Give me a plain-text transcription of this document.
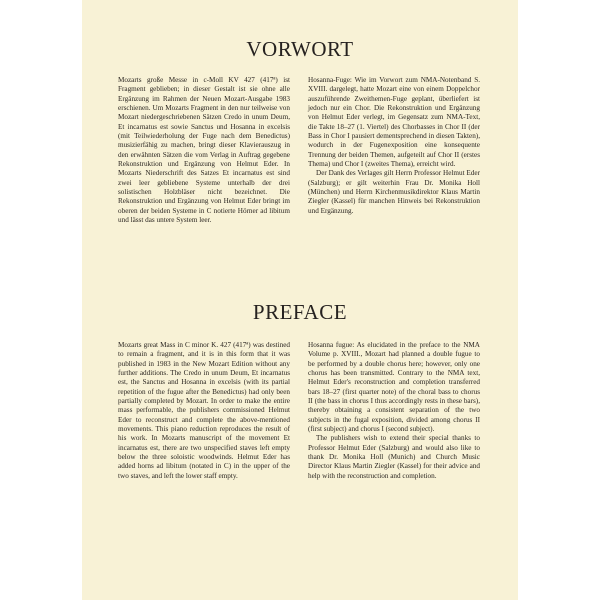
VORWORT

Mozarts große Messe in c-Moll KV 427 (417ª) ist Fragment geblieben; in dieser Gestalt ist sie ohne alle Ergänzung im Rahmen der Neuen Mozart-Ausgabe 1983 erschienen. Um Mozarts Fragment in den nur teilweise von Mozart niedergeschriebenen Sätzen Credo in unum Deum, Et incarnatus est sowie Sanctus und Hosanna in excelsis (mit Teilwiederholung der Fuge nach dem Benedictus) musizierfähig zu machen, bringt dieser Klavierauszug in den erwähnten Sätzen die vom Verlag in Auftrag gegebene Rekonstruktion und Ergänzung von Helmut Eder. In Mozarts Niederschrift des Satzes Et incarnatus est sind zwei leer gebliebene Systeme unterhalb der drei solistischen Holzbläser nicht bezeichnet. Die Rekonstruktion und Ergänzung von Helmut Eder bringt im oberen der beiden Systeme in C notierte Hörner ad libitum und lässt das untere System leer.

Hosanna-Fuge: Wie im Vorwort zum NMA-Notenband S. XVIII. dargelegt, hatte Mozart eine von einem Doppelchor auszuführende Zweithemen-Fuge geplant, überliefert ist jedoch nur ein Chor. Die Rekonstruktion und Ergänzung von Helmut Eder verlegt, im Gegensatz zum NMA-Text, die Takte 18–27 (1. Viertel) des Chorbasses in Chor II (der Bass in Chor I pausiert dementsprechend in diesen Takten), wodurch in der Fugenexposition eine konsequente Trennung der beiden Themen, aufgeteilt auf Chor II (erstes Thema) und Chor I (zweites Thema), erreicht wird.

Der Dank des Verlages gilt Herrn Professor Helmut Eder (Salzburg); er gilt weiterhin Frau Dr. Monika Holl (München) und Herrn Kirchenmusikdirektor Klaus Martin Ziegler (Kassel) für manchen Hinweis bei Rekonstruktion und Ergänzung.

PREFACE

Mozarts great Mass in C minor K. 427 (417ª) was destined to remain a fragment, and it is in this form that it was published in 1983 in the New Mozart Edition without any further additions. The Credo in unum Deum, Et incarnatus est, the Sanctus and Hosanna in excelsis (with its partial repetition of the fugue after the Benedictus) had only been partially completed by Mozart. In order to make the entire mass performable, the publishers commissioned Helmut Eder to reconstruct and complete the above-mentioned movements. This piano reduction reproduces the result of his work. In Mozarts manuscript of the movement Et incarnatus est, there are two unspecified staves left empty below the three soloistic woodwinds. Helmut Eder has added horns ad libitum (notated in C) in the upper of the two staves, and left the lower staff empty.

Hosanna fugue: As elucidated in the preface to the NMA Volume p. XVIII., Mozart had planned a double fugue to be performed by a double chorus here; however, only one chorus has been transmitted. Contrary to the NMA text, Helmut Eder's reconstruction and completion transferred bars 18–27 (first quarter note) of the choral bass to chorus II (the bass in chorus I thus accordingly rests in these bars), thereby obtaining a consistent separation of the two subjects in the fugal exposition, divided among chorus II (first subject) and chorus I (second subject).

The publishers wish to extend their special thanks to Professor Helmut Eder (Salzburg) and would also like to thank Dr. Monika Holl (Munich) and Church Music Director Klaus Martin Ziegler (Kassel) for their advice and help with the reconstruction and completion.
